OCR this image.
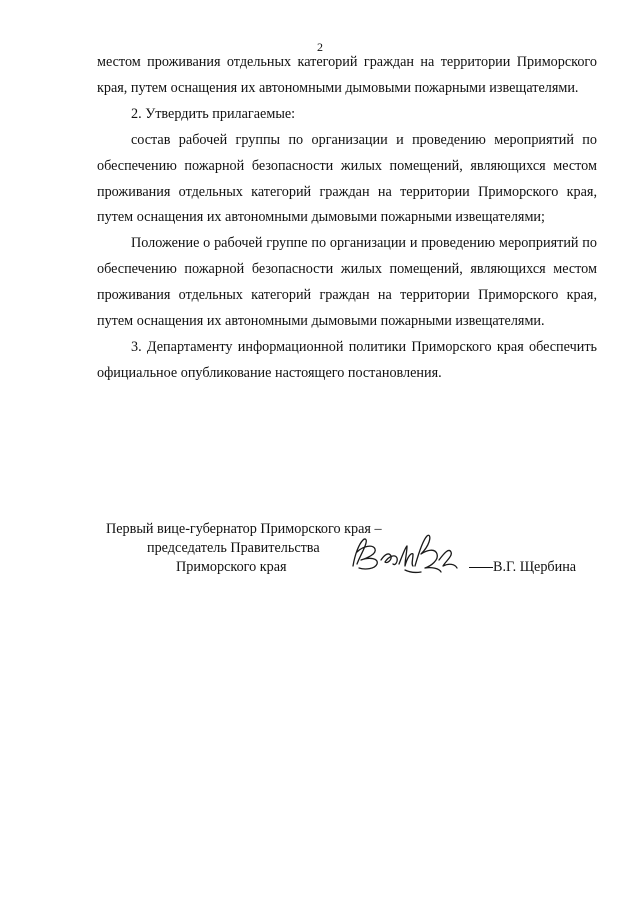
2

местом проживания отдельных категорий граждан на территории Приморского края, путем оснащения их автономными дымовыми пожарными извещателями.

2. Утвердить прилагаемые:

состав рабочей группы по организации и проведению мероприятий по обеспечению пожарной безопасности жилых помещений, являющихся местом проживания отдельных категорий граждан на территории Приморского края, путем оснащения их автономными дымовыми пожарными извещателями;

Положение о рабочей группе по организации и проведению мероприятий по обеспечению пожарной безопасности жилых помещений, являющихся местом проживания отдельных категорий граждан на территории Приморского края, путем оснащения их автономными дымовыми пожарными извещателями.

3. Департаменту информационной политики Приморского края обеспечить официальное опубликование настоящего постановления.

Первый вице-губернатор Приморского края –
председатель Правительства
Приморского края	В.Г. Щербина
